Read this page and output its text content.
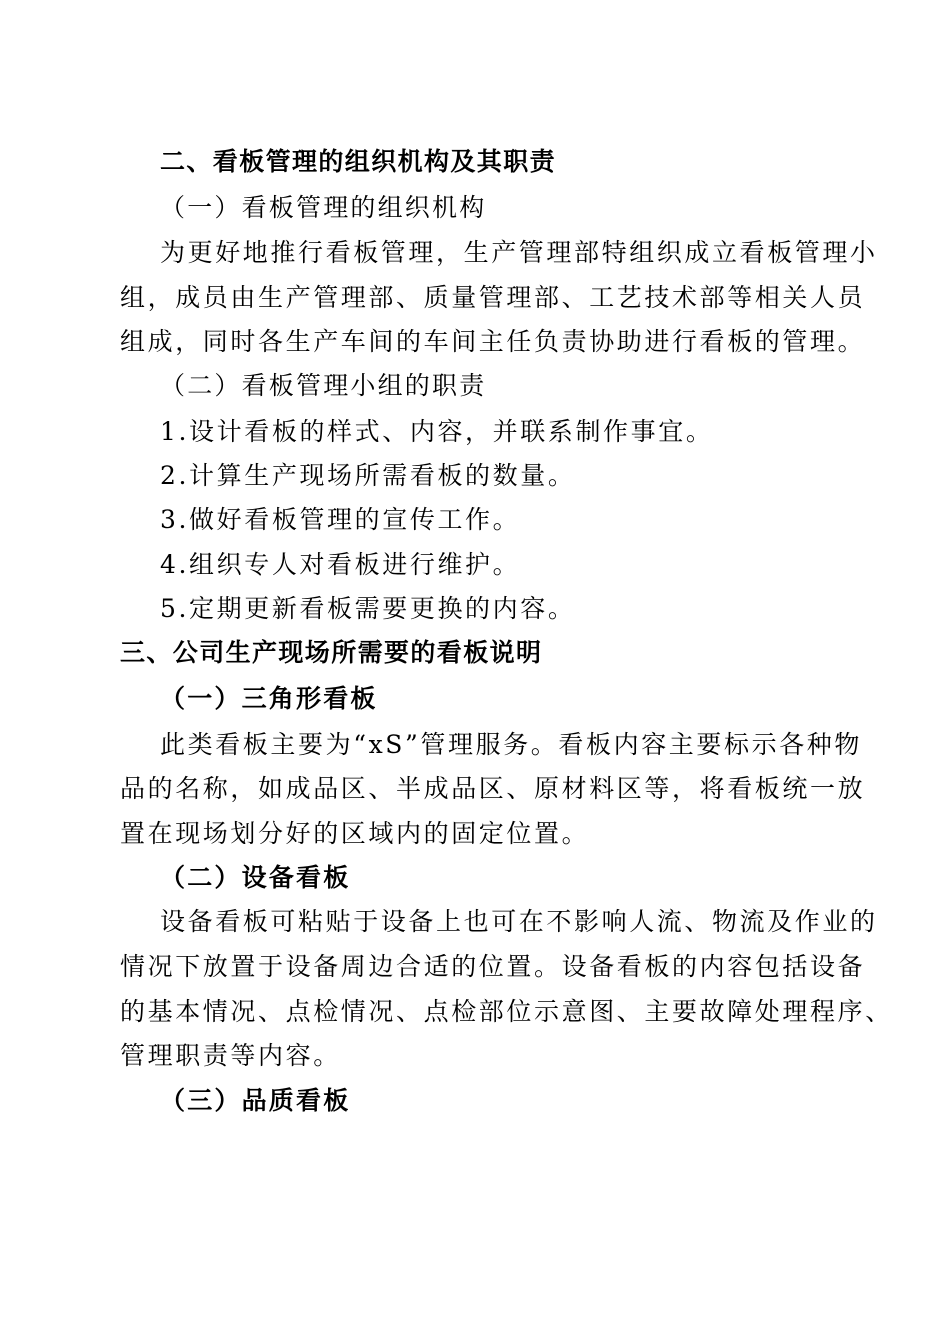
二、看板管理的组织机构及其职责
（一）看板管理的组织机构
为更好地推行看板管理，生产管理部特组织成立看板管理小
组，成员由生产管理部、质量管理部、工艺技术部等相关人员
组成，同时各生产车间的车间主任负责协助进行看板的管理。
（二）看板管理小组的职责
1.设计看板的样式、内容，并联系制作事宜。
2.计算生产现场所需看板的数量。
3.做好看板管理的宣传工作。
4.组织专人对看板进行维护。
5.定期更新看板需要更换的内容。
三、公司生产现场所需要的看板说明
（一）三角形看板
此类看板主要为“xS”管理服务。看板内容主要标示各种物
品的名称，如成品区、半成品区、原材料区等，将看板统一放
置在现场划分好的区域内的固定位置。
（二）设备看板
设备看板可粘贴于设备上也可在不影响人流、物流及作业的
情况下放置于设备周边合适的位置。设备看板的内容包括设备
的基本情况、点检情况、点检部位示意图、主要故障处理程序、
管理职责等内容。
（三）品质看板
